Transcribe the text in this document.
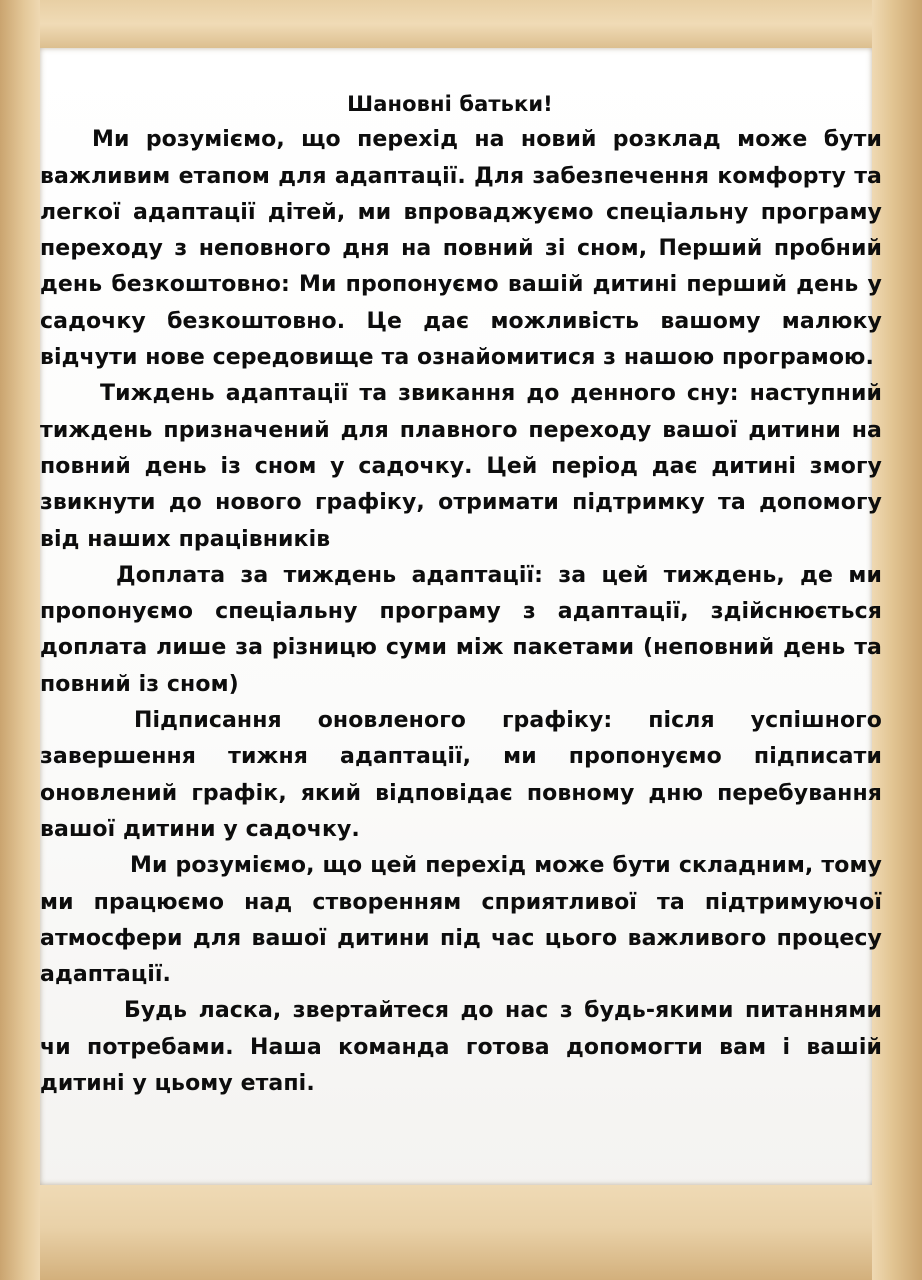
Шановні батьки!

Ми розуміємо, що перехід на новий розклад може бути важливим етапом для адаптації. Для забезпечення комфорту та легкої адаптації дітей, ми впроваджуємо спеціальну програму переходу з неповного дня на повний зі сном, Перший пробний день безкоштовно: Ми пропонуємо вашій дитині перший день у садочку безкоштовно. Це дає можливість вашому малюку відчути нове середовище та ознайомитися з нашою програмою.

Тиждень адаптації та звикання до денного сну: наступний тиждень призначений для плавного переходу вашої дитини на повний день із сном у садочку. Цей період дає дитині змогу звикнути до нового графіку, отримати підтримку та допомогу від наших працівників

Доплата за тиждень адаптації: за цей тиждень, де ми пропонуємо спеціальну програму з адаптації, здійснюється доплата лише за різницю суми між пакетами (неповний день та повний із сном)

Підписання оновленого графіку: після успішного завершення тижня адаптації, ми пропонуємо підписати оновлений графік, який відповідає повному дню перебування вашої дитини у садочку.

Ми розуміємо, що цей перехід може бути складним, тому ми працюємо над створенням сприятливої та підтримуючої атмосфери для вашої дитини під час цього важливого процесу адаптації.

Будь ласка, звертайтеся до нас з будь-якими питаннями чи потребами. Наша команда готова допомогти вам і вашій дитині у цьому етапі.
